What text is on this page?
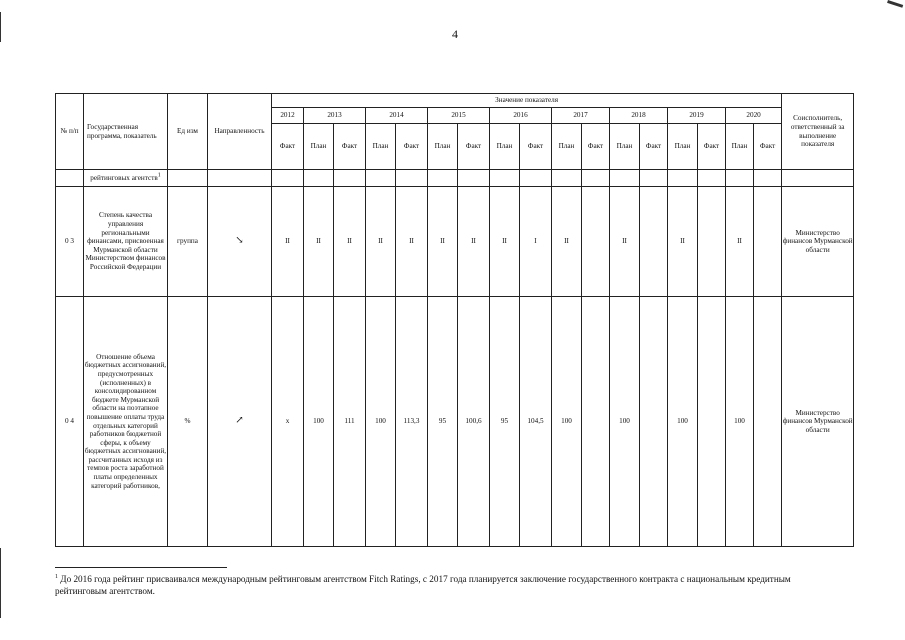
4
№ п/п	Государственная программа, показатель	Ед изм	Направленность	Значение показателя																	Соисполнитель, ответственный за выполнение показателя
				2012	2013		2014		2015		2016		2017		2018		2019		2020		
				Факт	План	Факт	План	Факт	План	Факт	План	Факт	План	Факт	План	Факт	План	Факт	План	Факт	
	рейтинговых агентств$^1$																				
0 3	Степень качества управления региональными финансами, присвоенная Мурманской области Министерством финансов Российской Федерации	группа	↘	II	II	II	II	II	II	II	II	I	II		II		II		II		Министерство финансов Мурманской области
0 4	Отношение объема бюджетных ассигнований, предусмотренных (исполненных) в консолидированном бюджете Мурманской области на поэтапное повышение оплаты труда отдельных категорий работников бюджетной сферы, к объему бюджетных ассигнований, рассчитанных исходя из темпов роста заработной платы определенных категорий работников,	%	↗	x	100	111	100	113,3	95	100,6	95	104,5	100		100		100		100		Министерство финансов Мурманской области
$^1$ До 2016 года рейтинг присваивался международным рейтинговым агентством Fitch Ratings, с 2017 года планируется заключение государственного контракта с национальным кредитным рейтинговым агентством.
